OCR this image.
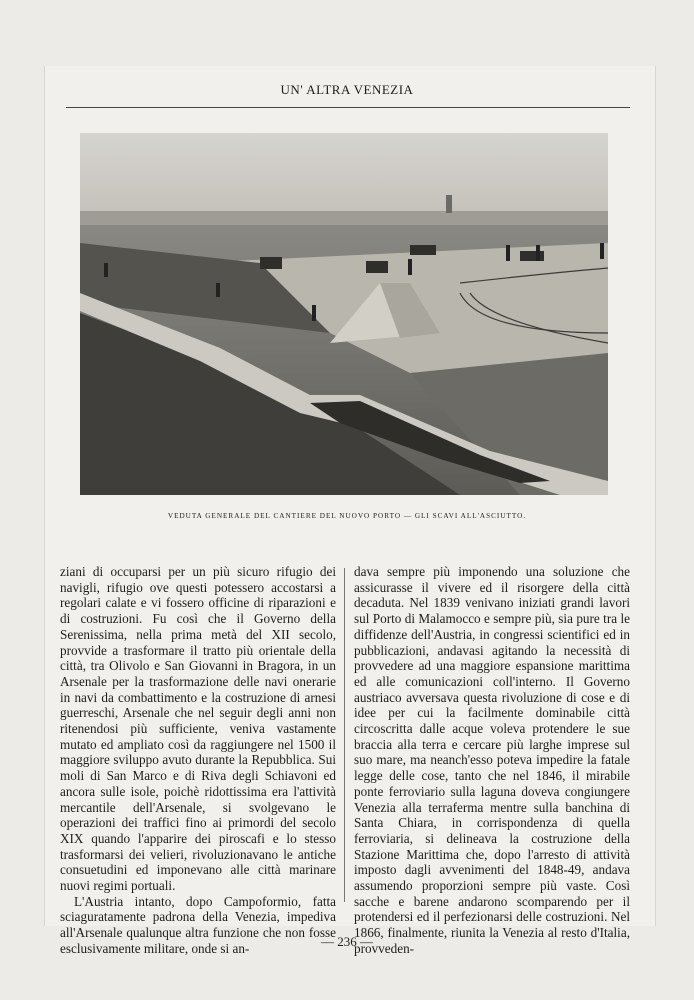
UN' ALTRA VENEZIA
VEDUTA GENERALE DEL CANTIERE DEL NUOVO PORTO — GLI SCAVI ALL'ASCIUTTO.

ziani di occuparsi per un più sicuro rifugio dei navigli, rifugio ove questi potessero accostarsi a regolari calate e vi fossero officine di riparazioni e di costruzioni. Fu così che il Governo della Serenissima, nella prima metà del XII secolo, provvide a trasformare il tratto più orientale della città, tra Olivolo e San Giovanni in Bragora, in un Arsenale per la trasformazione delle navi onerarie in navi da combattimento e la costruzione di arnesi guerreschi, Arsenale che nel seguir degli anni non ritenendosi più sufficiente, veniva vastamente mutato ed ampliato così da raggiungere nel 1500 il maggiore sviluppo avuto durante la Repubblica. Sui moli di San Marco e di Riva degli Schiavoni ed ancora sulle isole, poichè ridottissima era l'attività mercantile dell'Arsenale, si svolgevano le operazioni dei traffici fino ai primordi del secolo XIX quando l'apparire dei piroscafi e lo stesso trasformarsi dei velieri, rivoluzionavano le antiche consuetudini ed imponevano alle città marinare nuovi regimi portuali.

L'Austria intanto, dopo Campoformio, fatta sciaguratamente padrona della Venezia, impediva all'Arsenale qualunque altra funzione che non fosse esclusivamente militare, onde si an-

dava sempre più imponendo una soluzione che assicurasse il vivere ed il risorgere della città decaduta. Nel 1839 venivano iniziati grandi lavori sul Porto di Malamocco e sempre più, sia pure tra le diffidenze dell'Austria, in congressi scientifici ed in pubblicazioni, andavasi agitando la necessità di provvedere ad una maggiore espansione marittima ed alle comunicazioni coll'interno. Il Governo austriaco avversava questa rivoluzione di cose e di idee per cui la facilmente dominabile città circoscritta dalle acque voleva protendere le sue braccia alla terra e cercare più larghe imprese sul suo mare, ma neanch'esso poteva impedire la fatale legge delle cose, tanto che nel 1846, il mirabile ponte ferroviario sulla laguna doveva congiungere Venezia alla terraferma mentre sulla banchina di Santa Chiara, in corrispondenza di quella ferroviaria, si delineava la costruzione della Stazione Marittima che, dopo l'arresto di attività imposto dagli avvenimenti del 1848-49, andava assumendo proporzioni sempre più vaste. Così sacche e barene andarono scomparendo per il protendersi ed il perfezionarsi delle costruzioni. Nel 1866, finalmente, riunita la Venezia al resto d'Italia, provveden-

— 236 —
